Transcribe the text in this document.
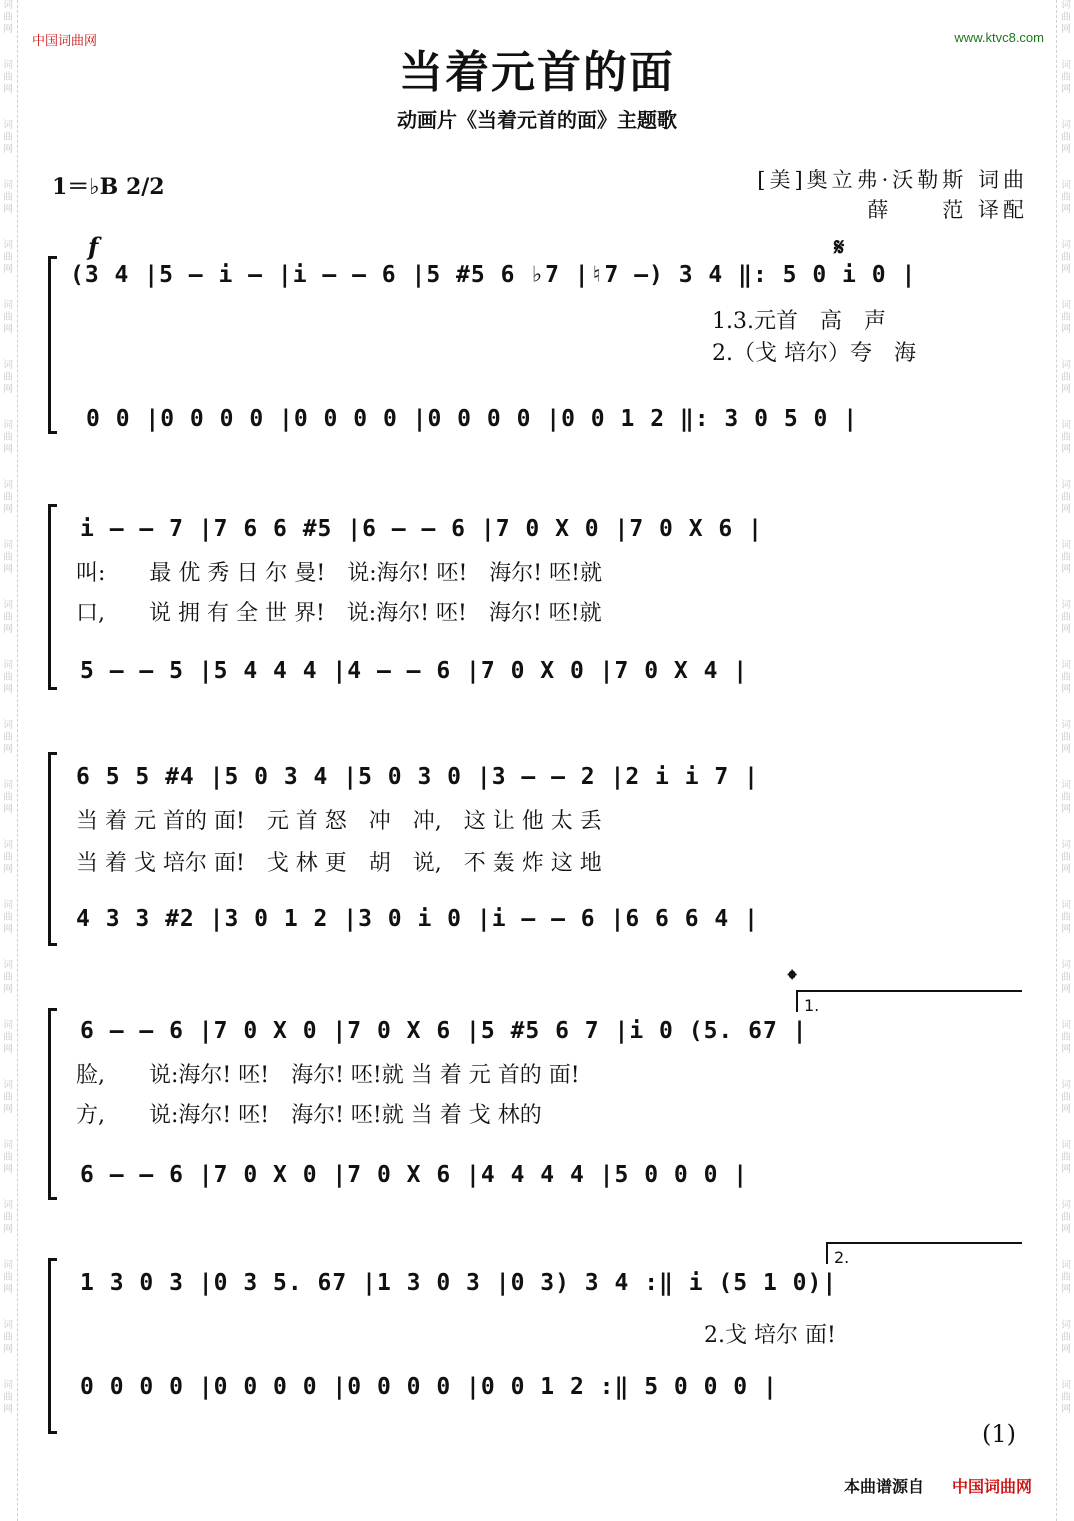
词曲网
词曲网
词曲网
词曲网
词曲网
词曲网
词曲网
词曲网
词曲网
词曲网
词曲网
词曲网
词曲网
词曲网
词曲网
词曲网
词曲网
词曲网
词曲网
词曲网
词曲网
词曲网
词曲网
词曲网
词曲网
词曲网
词曲网
词曲网
词曲网
词曲网
词曲网
词曲网
词曲网
词曲网
词曲网
词曲网
词曲网
词曲网
词曲网
词曲网
词曲网
词曲网
词曲网
词曲网
词曲网
词曲网
词曲网
词曲网
中国词曲网	www.ktvc8.com
当着元首的面
动画片《当着元首的面》主题歌
1＝♭B 2/2	[美]奥立弗·沃勒斯 词曲
薛　　范 译配
f	𝄋
(3 4 |5 – i – |i – – 6 |5 #5 6 ♭7 |♮7 –) 3 4 ‖: 5 0 i 0 |
1.3.元首　高　声
2.（戈 培尔）夸　海
0 0 |0 0 0 0 |0 0 0 0 |0 0 0 0 |0 0 1 2 ‖: 3 0 5 0 |
i – – 7 |7 6 6 #5 |6 – – 6 |7 0 X 0 |7 0 X 6 |
叫:　　最 优 秀 日 尔 曼!　说:海尔! 呸!　海尔! 呸!就
口,　　说 拥 有 全 世 界!　说:海尔! 呸!　海尔! 呸!就
5 – – 5 |5 4 4 4 |4 – – 6 |7 0 X 0 |7 0 X 4 |
6 5 5 #4 |5 0 3 4 |5 0 3 0 |3 – – 2 |2 i i 7 |
当 着 元 首的 面!　元 首 怒　冲　冲,　这 让 他 太 丢
当 着 戈 培尔 面!　戈 林 更　胡　说,　不 轰 炸 这 地
4 3 3 #2 |3 0 1 2 |3 0 i 0 |i – – 6 |6 6 6 4 |
𝄌
1.
6 – – 6 |7 0 X 0 |7 0 X 6 |5 #5 6 7 |i 0 (5. 67 |
脸,　　说:海尔! 呸!　海尔! 呸!就 当 着 元 首的 面!
方,　　说:海尔! 呸!　海尔! 呸!就 当 着 戈 林的
6 – – 6 |7 0 X 0 |7 0 X 6 |4 4 4 4 |5 0 0 0 |
2.
1 3 0 3 |0 3 5. 67 |1 3 0 3 |0 3) 3 4 :‖ i (5 1 0)|
2.戈 培尔 面!
0 0 0 0 |0 0 0 0 |0 0 0 0 |0 0 1 2 :‖ 5 0 0 0 |
(1)
本曲谱源自 中国词曲网
